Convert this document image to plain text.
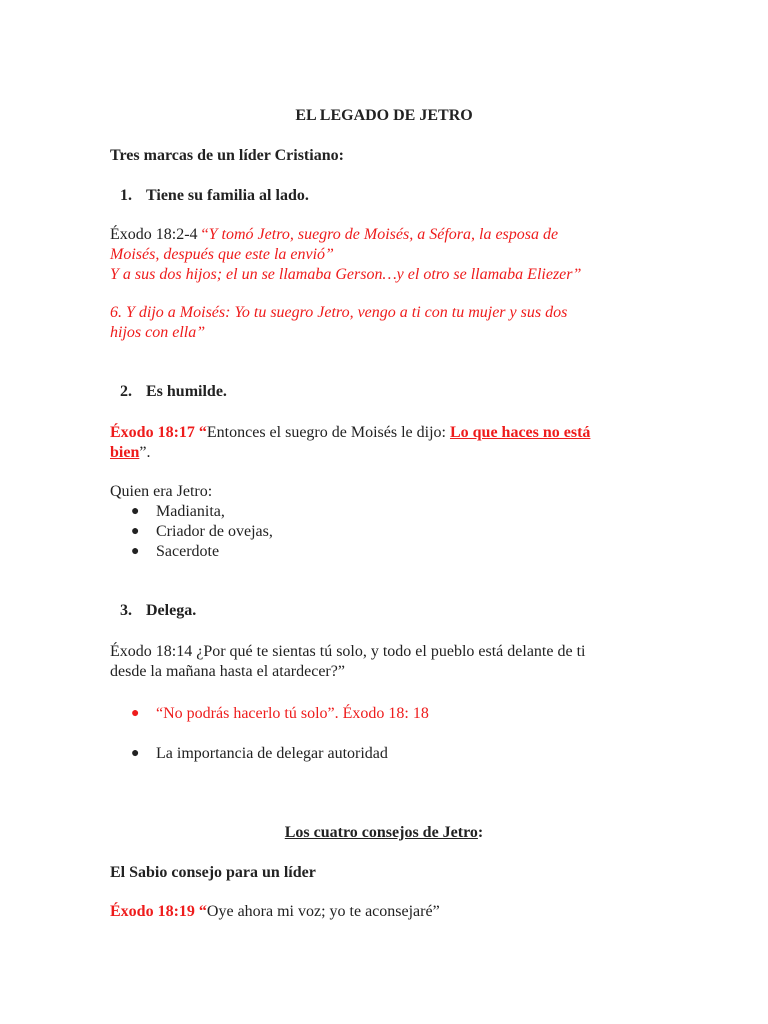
EL LEGADO DE JETRO
Tres marcas de un líder Cristiano:
1. Tiene su familia al lado.
Éxodo 18:2-4 “Y tomó Jetro, suegro de Moisés, a Séfora, la esposa de
Moisés, después que este la envió”
Y a sus dos hijos; el un se llamaba Gerson…y el otro se llamaba Eliezer”
6. Y dijo a Moisés: Yo tu suegro Jetro, vengo a ti con tu mujer y sus dos
hijos con ella”
2. Es humilde.
Éxodo 18:17 “Entonces el suegro de Moisés le dijo: Lo que haces no está
bien”.
Quien era Jetro:
● Madianita,
● Criador de ovejas,
● Sacerdote
3. Delega.
Éxodo 18:14 ¿Por qué te sientas tú solo, y todo el pueblo está delante de ti
desde la mañana hasta el atardecer?”
● “No podrás hacerlo tú solo”. Éxodo 18: 18
● La importancia de delegar autoridad
Los cuatro consejos de Jetro:
El Sabio consejo para un líder
Éxodo 18:19 “Oye ahora mi voz; yo te aconsejaré”
